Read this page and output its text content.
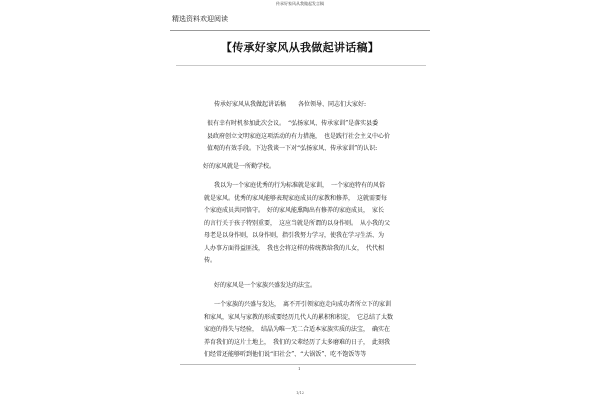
传承好家风从我做起发言稿
精选资料欢迎阅读
【传承好家风从我做起讲话稿】

传承好家风从我做起讲话稿　　各位领导、同志们大家好:

很有幸有时机参加此次会议。　“弘扬家风、传承家训”是落实县委
县政府创立文明家庭这项活动的有力措施，　也是践行社会主义中心价
值观的有效手段。下边我谈一下对“弘扬家风、传承家训”的认识:

好的家风就是一所勤学校。

我以为一个家庭优秀的行为标准就是家训，　一个家庭特有的风俗
就是家风。优秀的家风能够表现家庭成员的家教和修养，　这就需要每
个家庭成员共同恪守。　好的家风能熏陶出有修养的家庭成员，　家长
的言行关于孩子特别重要，　这应当就是所谓的以身作则。　从小我的父
母老是以身作则，以身作则，指引我努力学习，使我在学习生活、为
人办事方面得益匪浅，　我也会将这样的传统教给我的儿女，　代代相
传。

好的家风是一个家族兴盛发达的法宝。

一个家族的兴盛与发达，　离不开引领家庭走向成功者所立下的家训
和家风，家风与家教的形成要经历几代人的累积和积淀，　它总结了太数
家庭的得失与经验，　结晶为唯一无二合适本家族实质的法宝，　确实在
养育我们的这片土地上，　我们的父辈经历了太多磨难的日子，　此刻我
们经常还能够听到他们说“旧社会”、“大锅饭”、吃不饱饭等等

1
1/12
